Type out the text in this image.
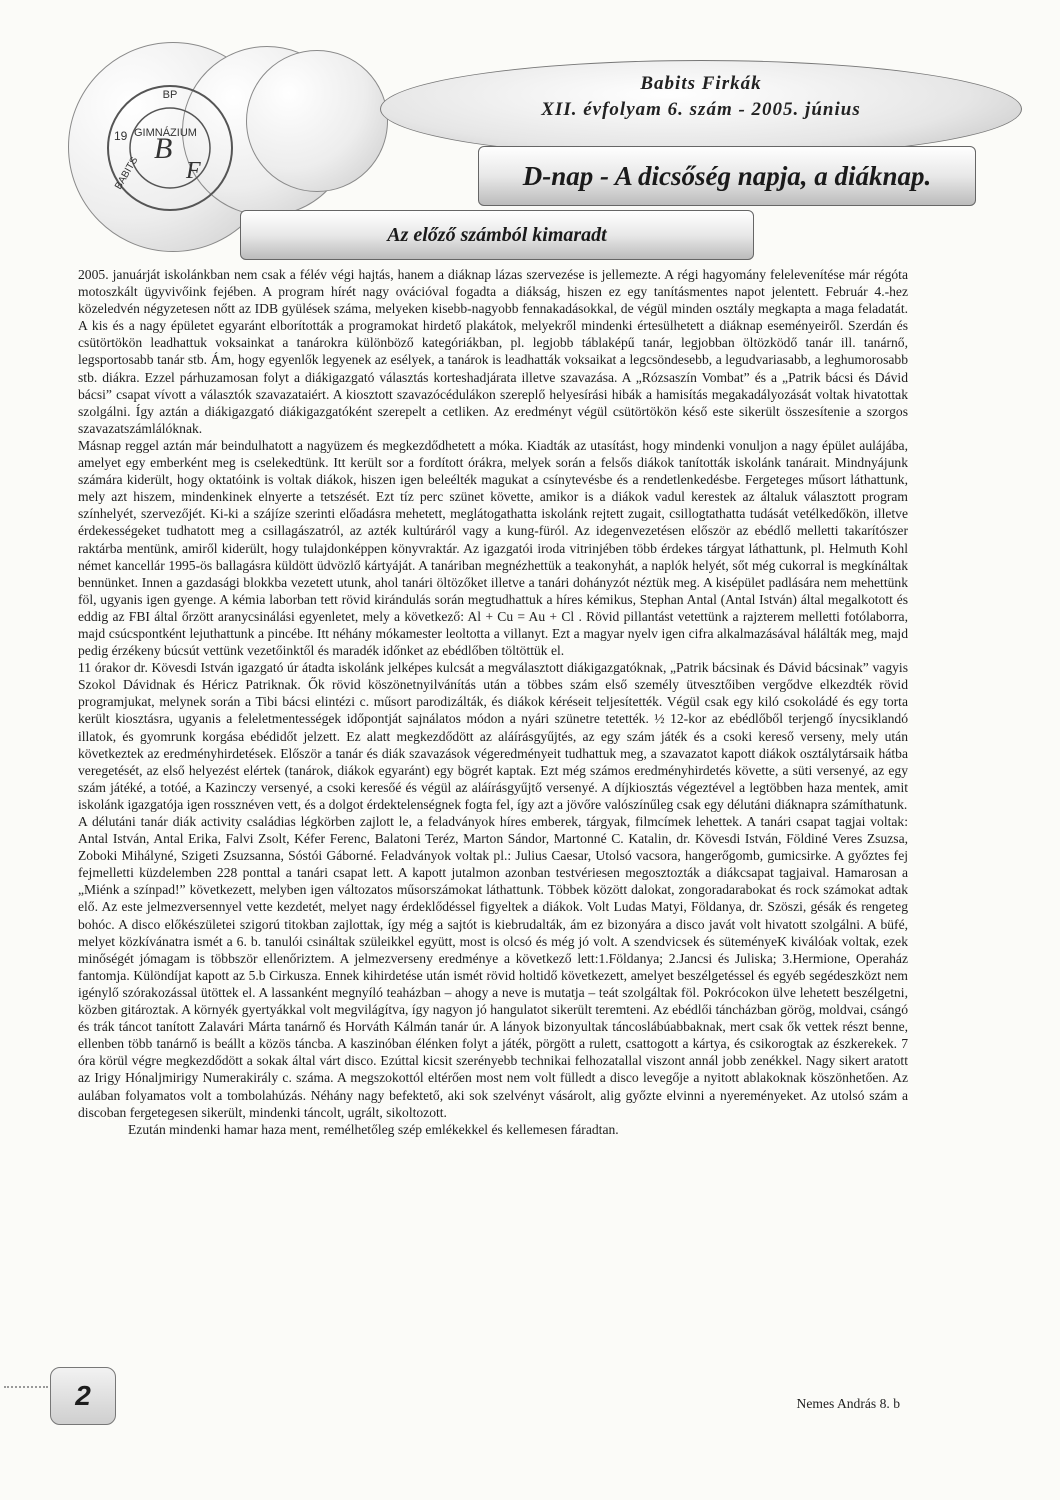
BP
19 GIMNÁZIUM
BABITS
B
F
Babits Firkák
XII. évfolyam 6. szám - 2005. június
D-nap - A dicsőség napja, a diáknap.
Az előző számból kimaradt

2005. januárját iskolánkban nem csak a félév végi hajtás, hanem a diáknap lázas szervezése is jellemezte. A régi hagyomány felelevenítése már régóta motoszkált ügyvivőink fejében. A program hírét nagy ovációval fogadta a diákság, hiszen ez egy tanításmentes napot jelentett. Február 4.-hez közeledvén négyzetesen nőtt az IDB gyülések száma, melyeken kisebb-nagyobb fennakadásokkal, de végül minden osztály megkapta a maga feladatát. A kis és a nagy épületet egyaránt elborították a programokat hirdető plakátok, melyekről mindenki értesülhetett a diáknap eseményeiről. Szerdán és csütörtökön leadhattuk voksainkat a tanárokra különböző kategóriákban, pl. legjobb táblaképű tanár, legjobban öltözködő tanár ill. tanárnő, legsportosabb tanár stb. Ám, hogy egyenlők legyenek az esélyek, a tanárok is leadhatták voksaikat a legcsöndesebb, a legudvariasabb, a leghumorosabb stb. diákra. Ezzel párhuzamosan folyt a diákigazgató választás korteshadjárata illetve szavazása. A „Rózsaszín Vombat” és a „Patrik bácsi és Dávid bácsi” csapat vívott a választók szavazataiért. A kiosztott szavazócédulákon szereplő helyesírási hibák a hamisítás megakadályozását voltak hivatottak szolgálni. Így aztán a diákigazgató diákigazgatóként szerepelt a cetliken. Az eredményt végül csütörtökön késő este sikerült összesítenie a szorgos szavazatszámlálóknak.

Másnap reggel aztán már beindulhatott a nagyüzem és megkezdődhetett a móka. Kiadták az utasítást, hogy mindenki vonuljon a nagy épület aulájába, amelyet egy emberként meg is cselekedtünk. Itt került sor a fordított órákra, melyek során a felsős diákok tanították iskolánk tanárait. Mindnyájunk számára kiderült, hogy oktatóink is voltak diákok, hiszen igen beleélték magukat a csínytevésbe és a rendetlenkedésbe. Fergeteges műsort láthattunk, mely azt hiszem, mindenkinek elnyerte a tetszését. Ezt tíz perc szünet követte, amikor is a diákok vadul kerestek az általuk választott program színhelyét, szervezőjét. Ki-ki a szájíze szerinti előadásra mehetett, meglátogathatta iskolánk rejtett zugait, csillogtathatta tudását vetélkedőkön, illetve érdekességeket tudhatott meg a csillagászatról, az azték kultúráról vagy a kung-füról. Az idegenvezetésen először az ebédlő melletti takarítószer raktárba mentünk, amiről kiderült, hogy tulajdonképpen könyvraktár. Az igazgatói iroda vitrinjében több érdekes tárgyat láthattunk, pl. Helmuth Kohl német kancellár 1995-ös ballagásra küldött üdvözlő kártyáját. A tanáriban megnézhettük a teakonyhát, a naplók helyét, sőt még cukorral is megkínáltak bennünket. Innen a gazdasági blokkba vezetett utunk, ahol tanári öltözőket illetve a tanári dohányzót néztük meg. A kisépület padlására nem mehettünk föl, ugyanis igen gyenge. A kémia laborban tett rövid kirándulás során megtudhattuk a híres kémikus, Stephan Antal (Antal István) által megalkotott és eddig az FBI által őrzött aranycsinálási egyenletet, mely a következő: Al + Cu = Au + Cl . Rövid pillantást vetettünk a rajzterem melletti fotólaborra, majd csúcspontként lejuthattunk a pincébe. Itt néhány mókamester leoltotta a villanyt. Ezt a magyar nyelv igen cifra alkalmazásával hálálták meg, majd pedig érzékeny búcsút vettünk vezetőinktől és maradék időnket az ebédlőben töltöttük el.

11 órakor dr. Kövesdi István igazgató úr átadta iskolánk jelképes kulcsát a megválasztott diákigazgatóknak, „Patrik bácsinak és Dávid bácsinak” vagyis Szokol Dávidnak és Héricz Patriknak. Ők rövid köszönetnyilvánítás után a többes szám első személy ütvesztőiben vergődve elkezdték rövid programjukat, melynek során a Tibi bácsi elintézi c. műsort parodizálták, és diákok kéréseit teljesítették. Végül csak egy kiló csokoládé és egy torta került kiosztásra, ugyanis a feleletmentességek időpontját sajnálatos módon a nyári szünetre tetették. ½ 12-kor az ebédlőből terjengő ínycsiklandó illatok, és gyomrunk korgása ebédidőt jelzett. Ez alatt megkezdődött az aláírásgyűjtés, az egy szám játék és a csoki kereső verseny, mely után következtek az eredményhirdetések. Először a tanár és diák szavazások végeredményeit tudhattuk meg, a szavazatot kapott diákok osztálytársaik hátba veregetését, az első helyezést elértek (tanárok, diákok egyaránt) egy bögrét kaptak. Ezt még számos eredményhirdetés követte, a süti versenyé, az egy szám játéké, a totóé, a Kazinczy versenyé, a csoki keresőé és végül az aláírásgyűjtő versenyé. A díjkiosztás végeztével a legtöbben haza mentek, amit iskolánk igazgatója igen rossznéven vett, és a dolgot érdektelenségnek fogta fel, így azt a jövőre valószínűleg csak egy délutáni diáknapra számíthatunk.

A délutáni tanár diák activity családias légkörben zajlott le, a feladványok híres emberek, tárgyak, filmcímek lehettek. A tanári csapat tagjai voltak: Antal István, Antal Erika, Falvi Zsolt, Kéfer Ferenc, Balatoni Teréz, Marton Sándor, Martonné C. Katalin, dr. Kövesdi István, Földiné Veres Zsuzsa, Zoboki Mihályné, Szigeti Zsuzsanna, Sóstói Gáborné. Feladványok voltak pl.: Julius Caesar, Utolsó vacsora, hangerőgomb, gumicsirke. A győztes fej fejmelletti küzdelemben 228 ponttal a tanári csapat lett. A kapott jutalmon azonban testvériesen megosztozták a diákcsapat tagjaival. Hamarosan a „Miénk a színpad!” következett, melyben igen változatos műsorszámokat láthattunk. Többek között dalokat, zongoradarabokat és rock számokat adtak elő. Az este jelmezversennyel vette kezdetét, melyet nagy érdeklődéssel figyeltek a diákok. Volt Ludas Matyi, Földanya, dr. Szöszi, gésák és rengeteg bohóc. A disco előkészületei szigorú titokban zajlottak, így még a sajtót is kiebrudalták, ám ez bizonyára a disco javát volt hivatott szolgálni. A büfé, melyet közkívánatra ismét a 6. b. tanulói csináltak szüleikkel együtt, most is olcsó és még jó volt. A szendvicsek és süteményeK kiválóak voltak, ezek minőségét jómagam is többször ellenőriztem. A jelmezverseny eredménye a következő lett:1.Földanya; 2.Jancsi és Juliska; 3.Hermione, Operaház fantomja. Különdíjat kapott az 5.b Cirkusza. Ennek kihirdetése után ismét rövid holtidő következett, amelyet beszélgetéssel és egyéb segédeszközt nem igénylő szórakozással ütöttek el. A lassanként megnyíló teaházban – ahogy a neve is mutatja – teát szolgáltak föl. Pokrócokon ülve lehetett beszélgetni, közben gitároztak. A környék gyertyákkal volt megvilágítva, így nagyon jó hangulatot sikerült teremteni. Az ebédlői táncházban görög, moldvai, csángó és trák táncot tanított Zalavári Márta tanárnő és Horváth Kálmán tanár úr. A lányok bizonyultak táncoslábúabbaknak, mert csak ők vettek részt benne, ellenben több tanárnő is beállt a közös táncba. A kaszinóban élénken folyt a játék, pörgött a rulett, csattogott a kártya, és csikorogtak az észkerekek. 7 óra körül végre megkezdődött a sokak által várt disco. Ezúttal kicsit szerényebb technikai felhozatallal viszont annál jobb zenékkel. Nagy sikert aratott az Irigy Hónaljmirigy Numerakirály c. száma. A megszokottól eltérően most nem volt fülledt a disco levegője a nyitott ablakoknak köszönhetően. Az aulában folyamatos volt a tombolahúzás. Néhány nagy befektető, aki sok szelvényt vásárolt, alig győzte elvinni a nyereményeket. Az utolsó szám a discoban fergetegesen sikerült, mindenki táncolt, ugrált, sikoltozott.

Ezután mindenki hamar haza ment, remélhetőleg szép emlékekkel és kellemesen fáradtan.

2	Nemes András 8. b
